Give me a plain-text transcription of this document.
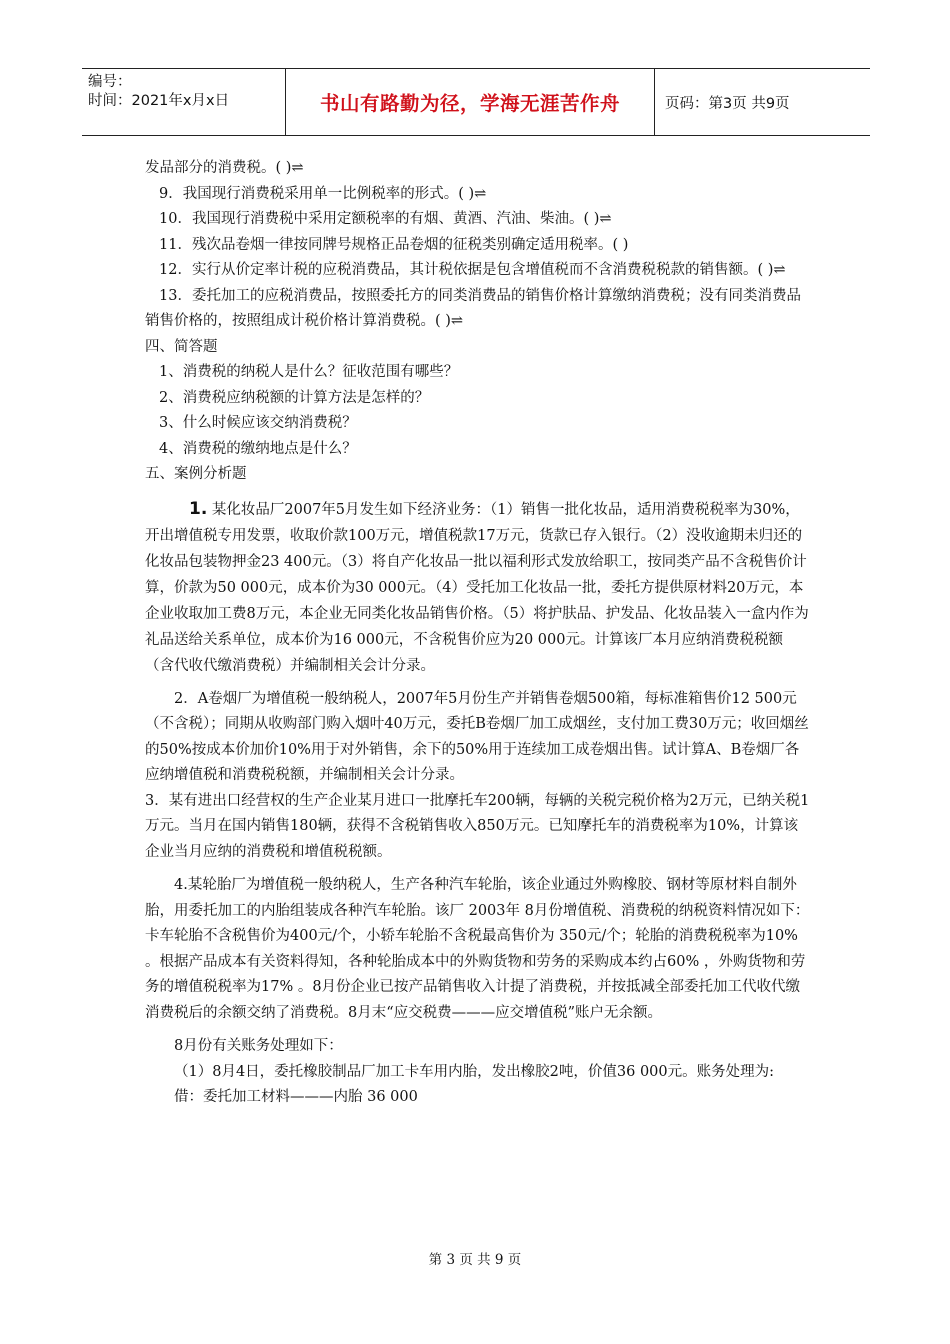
编号：
时间：2021年x月x日	书山有路勤为径，学海无涯苦作舟	页码：第3页 共9页

发品部分的消费税。( )⇌

9．我国现行消费税采用单一比例税率的形式。( )⇌

10．我国现行消费税中采用定额税率的有烟、黄酒、汽油、柴油。( )⇌

11．残次品卷烟一律按同牌号规格正品卷烟的征税类别确定适用税率。( )

12．实行从价定率计税的应税消费品，其计税依据是包含增值税而不含消费税税款的销售额。( )⇌

13．委托加工的应税消费品，按照委托方的同类消费品的销售价格计算缴纳消费税；没有同类消费品销售价格的，按照组成计税价格计算消费税。( )⇌

四、简答题

1、消费税的纳税人是什么？征收范围有哪些？

2、消费税应纳税额的计算方法是怎样的？

3、什么时候应该交纳消费税？

4、消费税的缴纳地点是什么？

五、案例分析题

1. 某化妆品厂2007年5月发生如下经济业务：（1）销售一批化妆品，适用消费税税率为30%，开出增值税专用发票，收取价款100万元，增值税款17万元，货款已存入银行。（2）没收逾期未归还的化妆品包装物押金23 400元。（3）将自产化妆品一批以福利形式发放给职工，按同类产品不含税售价计算，价款为50 000元，成本价为30 000元。（4）受托加工化妆品一批，委托方提供原材料20万元，本企业收取加工费8万元，本企业无同类化妆品销售价格。（5）将护肤品、护发品、化妆品装入一盒内作为礼品送给关系单位，成本价为16 000元，不含税售价应为20 000元。计算该厂本月应纳消费税税额（含代收代缴消费税）并编制相关会计分录。

2．A卷烟厂为增值税一般纳税人，2007年5月份生产并销售卷烟500箱，每标准箱售价12 500元（不含税）；同期从收购部门购入烟叶40万元，委托B卷烟厂加工成烟丝，支付加工费30万元；收回烟丝的50%按成本价加价10%用于对外销售，余下的50%用于连续加工成卷烟出售。试计算A、B卷烟厂各应纳增值税和消费税税额，并编制相关会计分录。

3．某有进出口经营权的生产企业某月进口一批摩托车200辆，每辆的关税完税价格为2万元，已纳关税1万元。当月在国内销售180辆，获得不含税销售收入850万元。已知摩托车的消费税率为10%，计算该企业当月应纳的消费税和增值税税额。

4.某轮胎厂为增值税一般纳税人，生产各种汽车轮胎，该企业通过外购橡胶、钢材等原材料自制外胎，用委托加工的内胎组装成各种汽车轮胎。该厂 2003年 8月份增值税、消费税的纳税资料情况如下：卡车轮胎不含税售价为400元/个，小轿车轮胎不含税最高售价为 350元/个；轮胎的消费税税率为10% 。根据产品成本有关资料得知，各种轮胎成本中的外购货物和劳务的采购成本约占60% ，外购货物和劳务的增值税税率为17% 。8月份企业已按产品销售收入计提了消费税，并按抵减全部委托加工代收代缴消费税后的余额交纳了消费税。8月末“应交税费———应交增值税”账户无余额。

8月份有关账务处理如下：

（1）8月4日，委托橡胶制品厂加工卡车用内胎，发出橡胶2吨，价值36 000元。账务处理为:

借：委托加工材料———内胎 36 000

第 3 页 共 9 页
